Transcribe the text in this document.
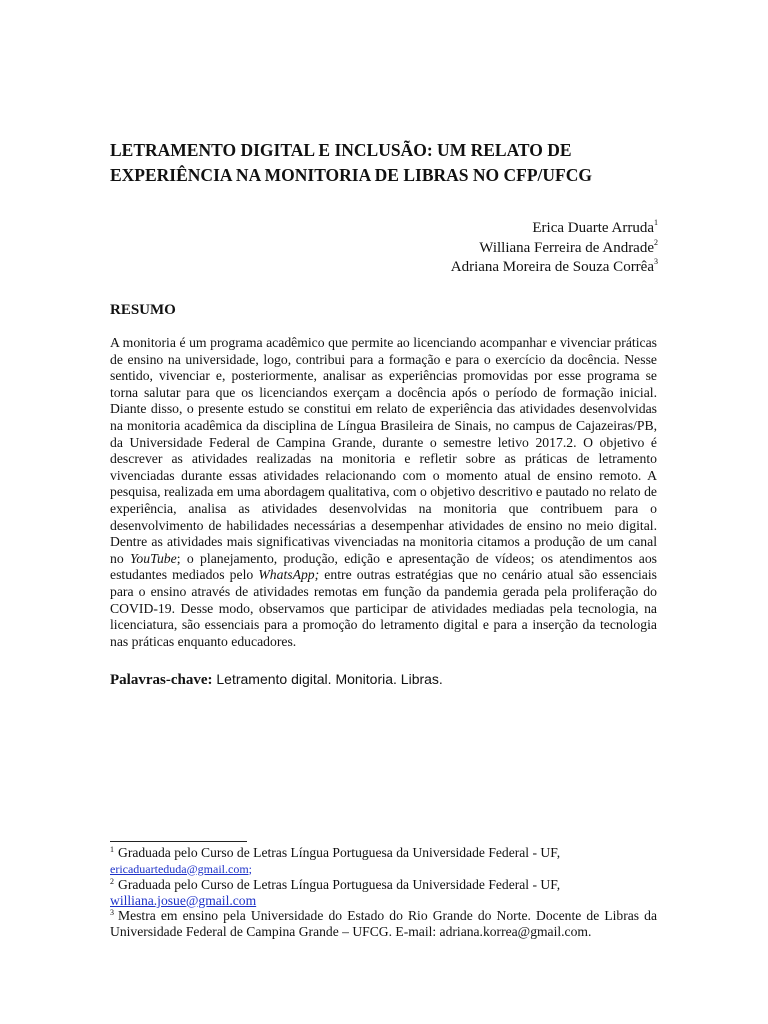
LETRAMENTO DIGITAL E INCLUSÃO: UM RELATO DE
EXPERIÊNCIA NA MONITORIA DE LIBRAS NO CFP/UFCG
Erica Duarte Arruda$^1$
Williana Ferreira de Andrade$^2$
Adriana Moreira de Souza Corrêa$^3$
RESUMO

A monitoria é um programa acadêmico que permite ao licenciando acompanhar e vivenciar práticas de ensino na universidade, logo, contribui para a formação e para o exercício da docência. Nesse sentido, vivenciar e, posteriormente, analisar as experiências promovidas por esse programa se torna salutar para que os licenciandos exerçam a docência após o período de formação inicial. Diante disso, o presente estudo se constitui em relato de experiência das atividades desenvolvidas na monitoria acadêmica da disciplina de Língua Brasileira de Sinais, no campus de Cajazeiras/PB, da Universidade Federal de Campina Grande, durante o semestre letivo 2017.2. O objetivo é descrever as atividades realizadas na monitoria e refletir sobre as práticas de letramento vivenciadas durante essas atividades relacionando com o momento atual de ensino remoto. A pesquisa, realizada em uma abordagem qualitativa, com o objetivo descritivo e pautado no relato de experiência, analisa as atividades desenvolvidas na monitoria que contribuem para o desenvolvimento de habilidades necessárias a desempenhar atividades de ensino no meio digital. Dentre as atividades mais significativas vivenciadas na monitoria citamos a produção de um canal no YouTube; o planejamento, produção, edição e apresentação de vídeos; os atendimentos aos estudantes mediados pelo WhatsApp; entre outras estratégias que no cenário atual são essenciais para o ensino através de atividades remotas em função da pandemia gerada pela proliferação do COVID-19. Desse modo, observamos que participar de atividades mediadas pela tecnologia, na licenciatura, são essenciais para a promoção do letramento digital e para a inserção da tecnologia nas práticas enquanto educadores.

Palavras-chave: Letramento digital. Monitoria. Libras.

$^1$ Graduada pelo Curso de Letras Língua Portuguesa da Universidade Federal - UF,
ericaduarteduda@gmail.com;

$^2$ Graduada pelo Curso de Letras Língua Portuguesa da Universidade Federal - UF,
williana.josue@gmail.com

$^3$ Mestra em ensino pela Universidade do Estado do Rio Grande do Norte. Docente de Libras da Universidade Federal de Campina Grande – UFCG. E-mail: adriana.korrea@gmail.com.
